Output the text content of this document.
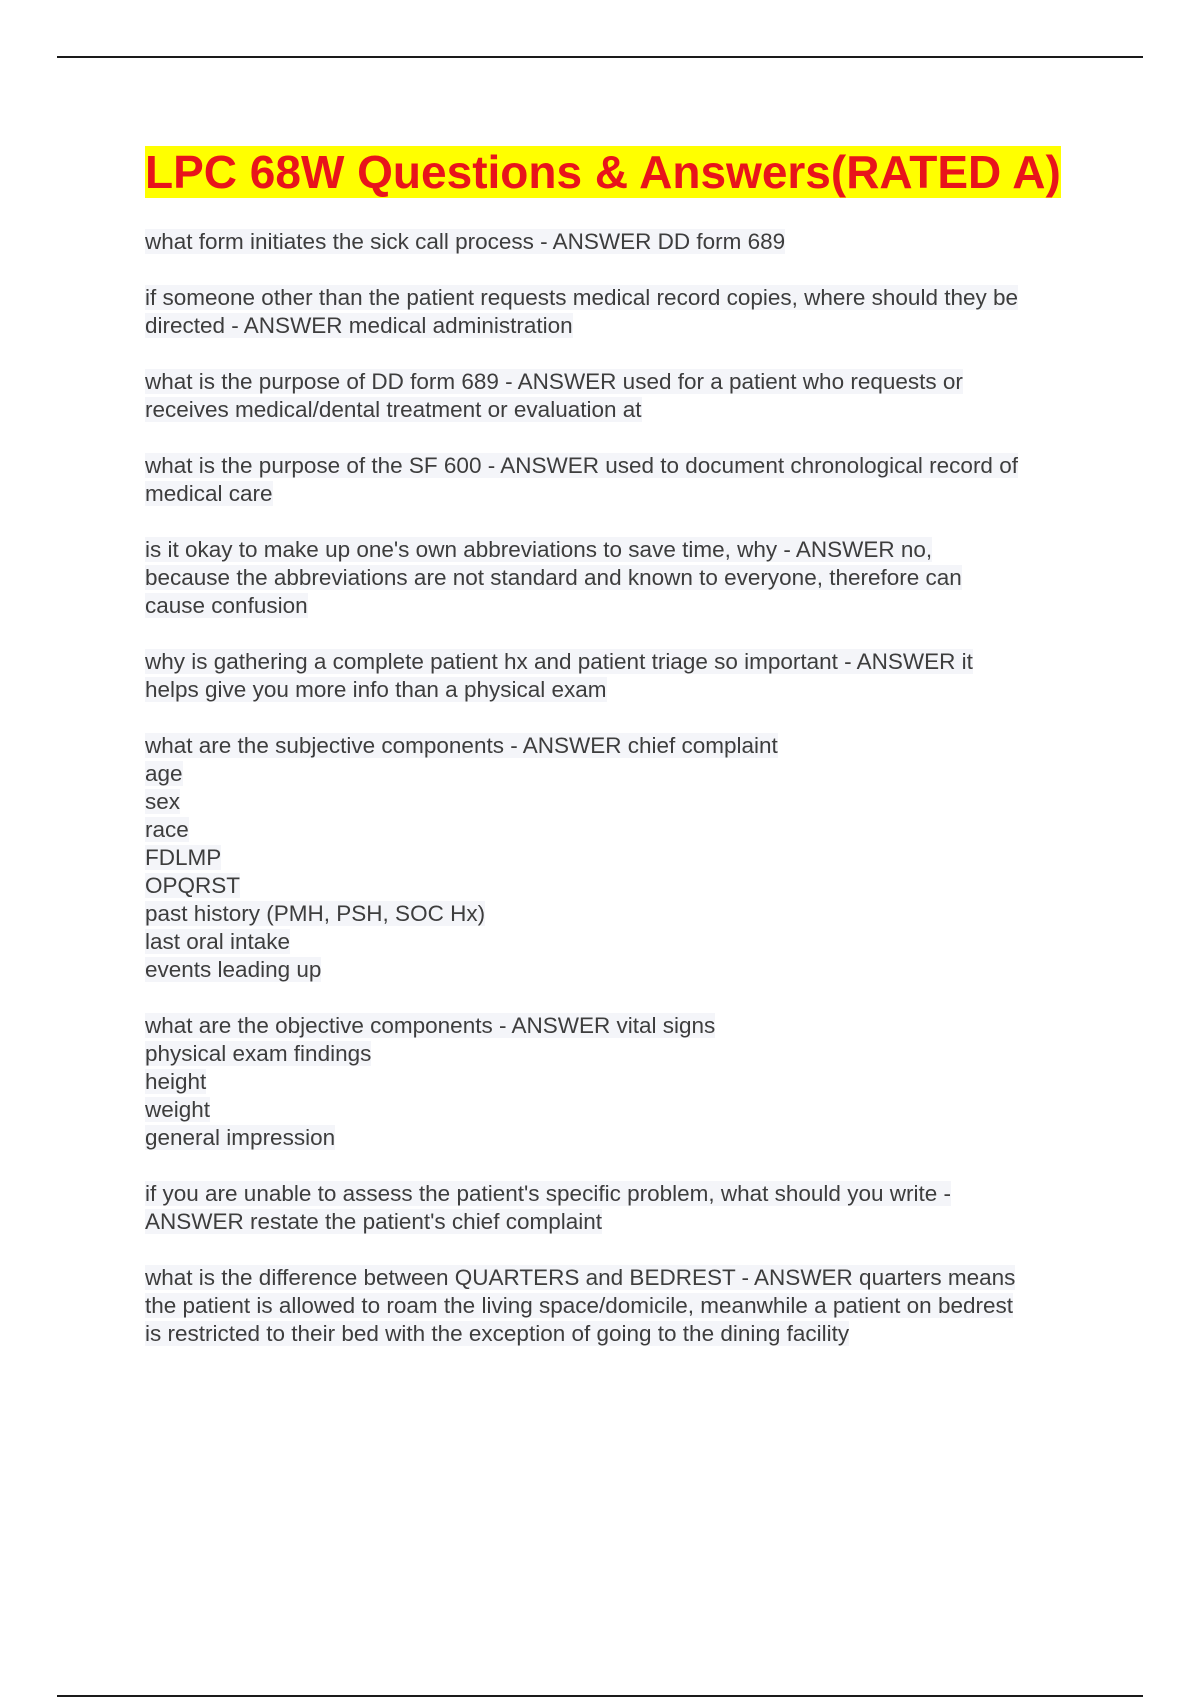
LPC 68W Questions & Answers(RATED A)

what form initiates the sick call process - ANSWER DD form 689

if someone other than the patient requests medical record copies, where should they be

directed - ANSWER medical administration

what is the purpose of DD form 689 - ANSWER used for a patient who requests or

receives medical/dental treatment or evaluation at

what is the purpose of the SF 600 - ANSWER used to document chronological record of

medical care

is it okay to make up one's own abbreviations to save time, why - ANSWER no,

because the abbreviations are not standard and known to everyone, therefore can

cause confusion

why is gathering a complete patient hx and patient triage so important - ANSWER it

helps give you more info than a physical exam

what are the subjective components - ANSWER chief complaint

age

sex

race

FDLMP

OPQRST

past history (PMH, PSH, SOC Hx)

last oral intake

events leading up

what are the objective components - ANSWER vital signs

physical exam findings

height

weight

general impression

if you are unable to assess the patient's specific problem, what should you write -

ANSWER restate the patient's chief complaint

what is the difference between QUARTERS and BEDREST - ANSWER quarters means

the patient is allowed to roam the living space/domicile, meanwhile a patient on bedrest

is restricted to their bed with the exception of going to the dining facility
